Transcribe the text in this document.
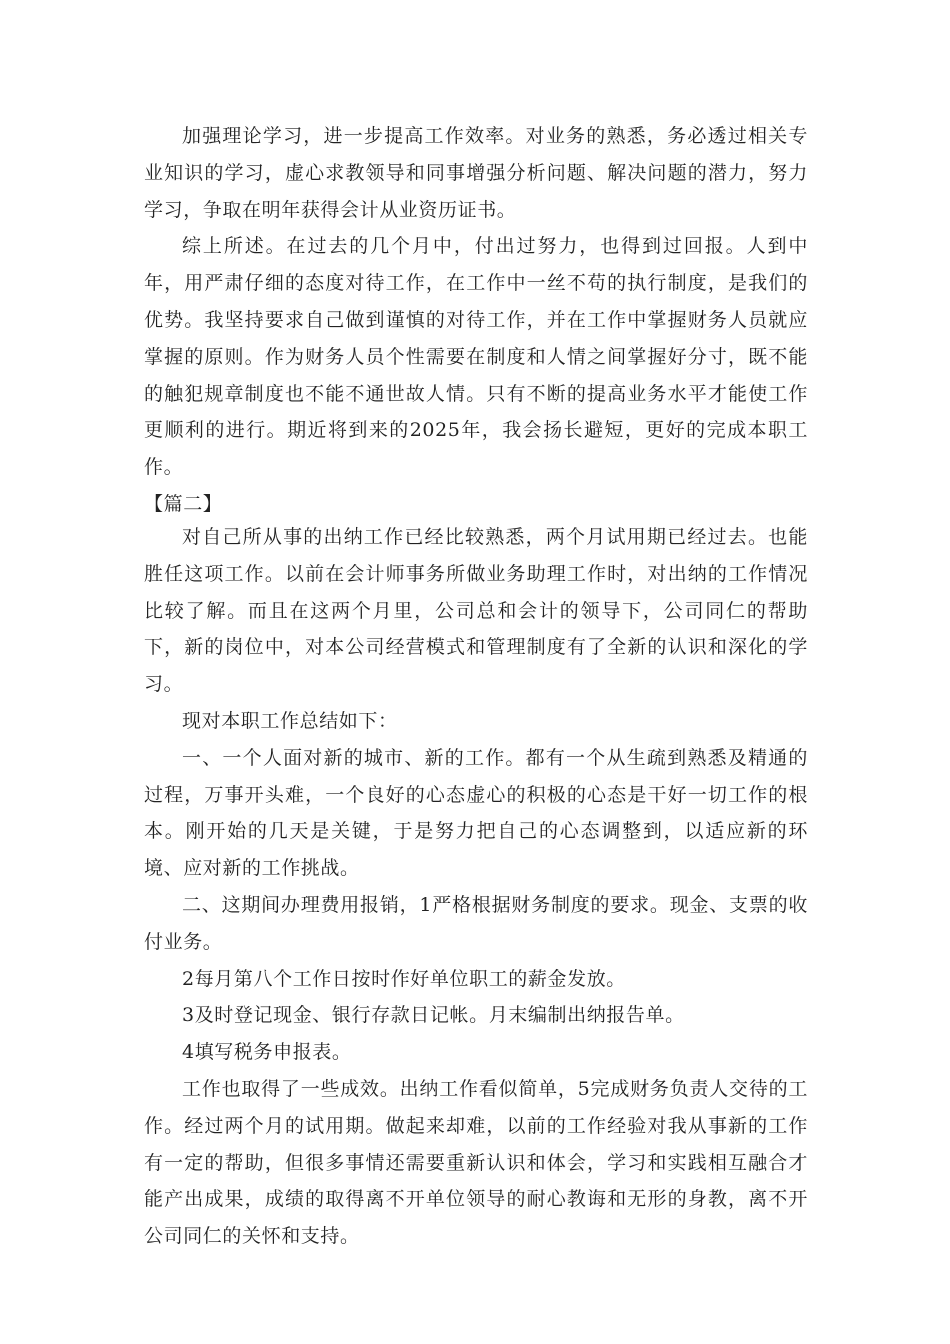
加强理论学习，进一步提高工作效率。对业务的熟悉，务必透过相关专业知识的学习，虚心求教领导和同事增强分析问题、解决问题的潜力，努力学习，争取在明年获得会计从业资历证书。

综上所述。在过去的几个月中，付出过努力，也得到过回报。人到中年，用严肃仔细的态度对待工作，在工作中一丝不苟的执行制度，是我们的优势。我坚持要求自己做到谨慎的对待工作，并在工作中掌握财务人员就应掌握的原则。作为财务人员个性需要在制度和人情之间掌握好分寸，既不能的触犯规章制度也不能不通世故人情。只有不断的提高业务水平才能使工作更顺利的进行。期近将到来的2025年，我会扬长避短，更好的完成本职工作。

【篇二】

对自己所从事的出纳工作已经比较熟悉，两个月试用期已经过去。也能胜任这项工作。以前在会计师事务所做业务助理工作时，对出纳的工作情况比较了解。而且在这两个月里，公司总和会计的领导下，公司同仁的帮助下，新的岗位中，对本公司经营模式和管理制度有了全新的认识和深化的学习。

现对本职工作总结如下：

一、一个人面对新的城市、新的工作。都有一个从生疏到熟悉及精通的过程，万事开头难，一个良好的心态虚心的积极的心态是干好一切工作的根本。刚开始的几天是关键，于是努力把自己的心态调整到，以适应新的环境、应对新的工作挑战。

二、这期间办理费用报销，1严格根据财务制度的要求。现金、支票的收付业务。

2每月第八个工作日按时作好单位职工的薪金发放。

3及时登记现金、银行存款日记帐。月末编制出纳报告单。

4填写税务申报表。

工作也取得了一些成效。出纳工作看似简单，5完成财务负责人交待的工作。经过两个月的试用期。做起来却难，以前的工作经验对我从事新的工作有一定的帮助，但很多事情还需要重新认识和体会，学习和实践相互融合才能产出成果，成绩的取得离不开单位领导的耐心教诲和无形的身教，离不开公司同仁的关怀和支持。
